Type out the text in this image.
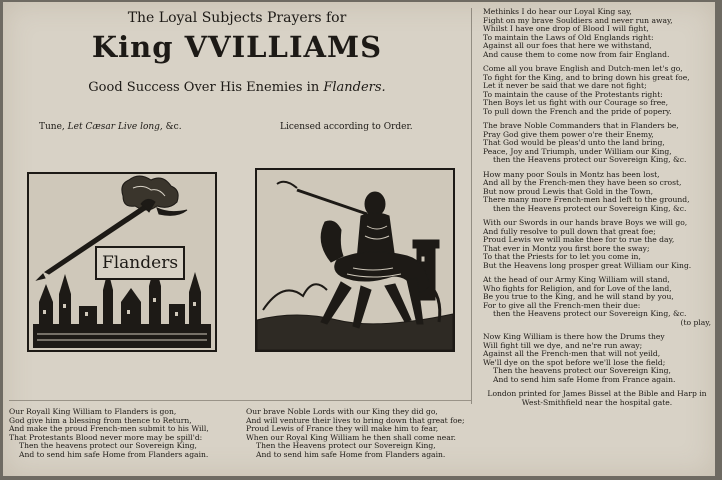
The Loyal Subjects Prayers for
King VVILLIAMS
Good Success Over His Enemies in Flanders.
Tune, Let Cæsar Live long, &c.	Licensed according to Order.
Flanders
Methinks I do hear our Loyal King say,
Fight on my brave Souldiers and never run away,
Whilst I have one drop of Blood I will fight,
To maintain the Laws of Old Englands right:
Against all our foes that here we withstand,
And cause them to come now from fair England.
Come all you brave English and Dutch-men let's go,
To fight for the King, and to bring down his great foe,
Let it never be said that we dare not fight;
To maintain the cause of the Protestants right:
Then Boys let us fight with our Courage so free,
To pull down the French and the pride of popery.
The brave Noble Commanders that in Flanders be,
Pray God give them power o're their Enemy,
That God would be pleas'd unto the land bring,
Peace, Joy and Triumph, under William our King,
then the Heavens protect our Sovereign King, &c.
How many poor Souls in Montz has been lost,
And all by the French-men they have been so crost,
But now proud Lewis that Gold in the Town,
There many more French-men had left to the ground,
then the Heavens protect our Sovereign King, &c.
With our Swords in our hands brave Boys we will go,
And fully resolve to pull down that great foe;
Proud Lewis we will make thee for to rue the day,
That ever in Montz you first bore the sway;
To that the Priests for to let you come in,
But the Heavens long prosper great William our King.
At the head of our Army King William will stand,
Who fights for Religion, and for Love of the land,
Be you true to the King, and he will stand by you,
For to give all the French-men their due:
then the Heavens protect our Sovereign King, &c.
(to play,
Now King William is there how the Drums they
Will fight till we dye, and ne're run away;
Against all the French-men that will not yeild,
We'll dye on the spot before we'll lose the field;
Then the heavens protect our Sovereign King,
And to send him safe Home from France again.
London printed for James Bissel at the Bible and Harp in
West-Smithfield near the hospital gate.
Our Royall King William to Flanders is gon,
God give him a blessing from thence to Return,
And make the proud French-men submit to his Will,
That Protestants Blood never more may be spill'd:
Then the heavens protect our Sovereign King,
And to send him safe Home from Flanders again.
Our brave Noble Lords with our King they did go,
And will venture their lives to bring down that great foe;
Proud Lewis of France they will make him to fear,
When our Royal King William he then shall come near.
Then the Heavens protect our Sovereign King,
And to send him safe Home from Flanders again.
